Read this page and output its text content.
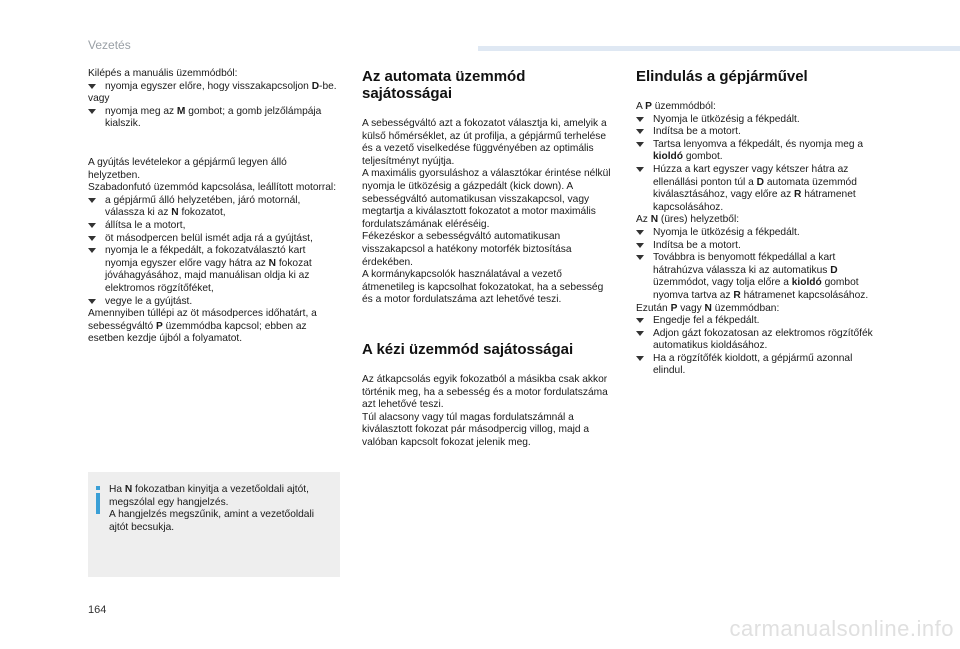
Vezetés

Kilépés a manuális üzemmódból:

nyomja egyszer előre, hogy visszakapcsoljon D-be.

vagy

nyomja meg az M gombot; a gomb jelzőlámpája kialszik.

A gyújtás levételekor a gépjármű legyen álló helyzetben.

Szabadonfutó üzemmód kapcsolása, leállított motorral:

a gépjármű álló helyzetében, járó motornál, válassza ki az N fokozatot,

állítsa le a motort,

öt másodpercen belül ismét adja rá a gyújtást,

nyomja le a fékpedált, a fokozatválasztó kart nyomja egyszer előre vagy hátra az N fokozat jóváhagyásához, majd manuálisan oldja ki az elektromos rögzítőféket,

vegye le a gyújtást.

Amennyiben túllépi az öt másodperces időhatárt, a sebességváltó P üzemmódba kapcsol; ebben az esetben kezdje újból a folyamatot.

Ha N fokozatban kinyitja a vezetőoldali ajtót, megszólal egy hangjelzés.

A hangjelzés megszűnik, amint a vezetőoldali ajtót becsukja.

Az automata üzemmód sajátosságai

A sebességváltó azt a fokozatot választja ki, amelyik a külső hőmérséklet, az út profilja, a gépjármű terhelése és a vezető viselkedése függvényében az optimális teljesítményt nyújtja.

A maximális gyorsuláshoz a választókar érintése nélkül nyomja le ütközésig a gázpedált (kick down). A sebességváltó automatikusan visszakapcsol, vagy megtartja a kiválasztott fokozatot a motor maximális fordulatszámának eléréséig.

Fékezéskor a sebességváltó automatikusan visszakapcsol a hatékony motorfék biztosítása érdekében.

A kormánykapcsolók használatával a vezető átmenetileg is kapcsolhat fokozatokat, ha a sebesség és a motor fordulatszáma azt lehetővé teszi.

A kézi üzemmód sajátosságai

Az átkapcsolás egyik fokozatból a másikba csak akkor történik meg, ha a sebesség és a motor fordulatszáma azt lehetővé teszi.

Túl alacsony vagy túl magas fordulatszámnál a kiválasztott fokozat pár másodpercig villog, majd a valóban kapcsolt fokozat jelenik meg.

Elindulás a gépjárművel

A P üzemmódból:

Nyomja le ütközésig a fékpedált.

Indítsa be a motort.

Tartsa lenyomva a fékpedált, és nyomja meg a kioldó gombot.

Húzza a kart egyszer vagy kétszer hátra az ellenállási ponton túl a D automata üzemmód kiválasztásához, vagy előre az R hátramenet kapcsolásához.

Az N (üres) helyzetből:

Nyomja le ütközésig a fékpedált.

Indítsa be a motort.

Továbbra is benyomott fékpedállal a kart hátrahúzva válassza ki az automatikus D üzemmódot, vagy tolja előre a kioldó gombot nyomva tartva az R hátramenet kapcsolásához.

Ezután P vagy N üzemmódban:

Engedje fel a fékpedált.

Adjon gázt fokozatosan az elektromos rögzítőfék automatikus kioldásához.

Ha a rögzítőfék kioldott, a gépjármű azonnal elindul.

164
carmanualsonline.info
